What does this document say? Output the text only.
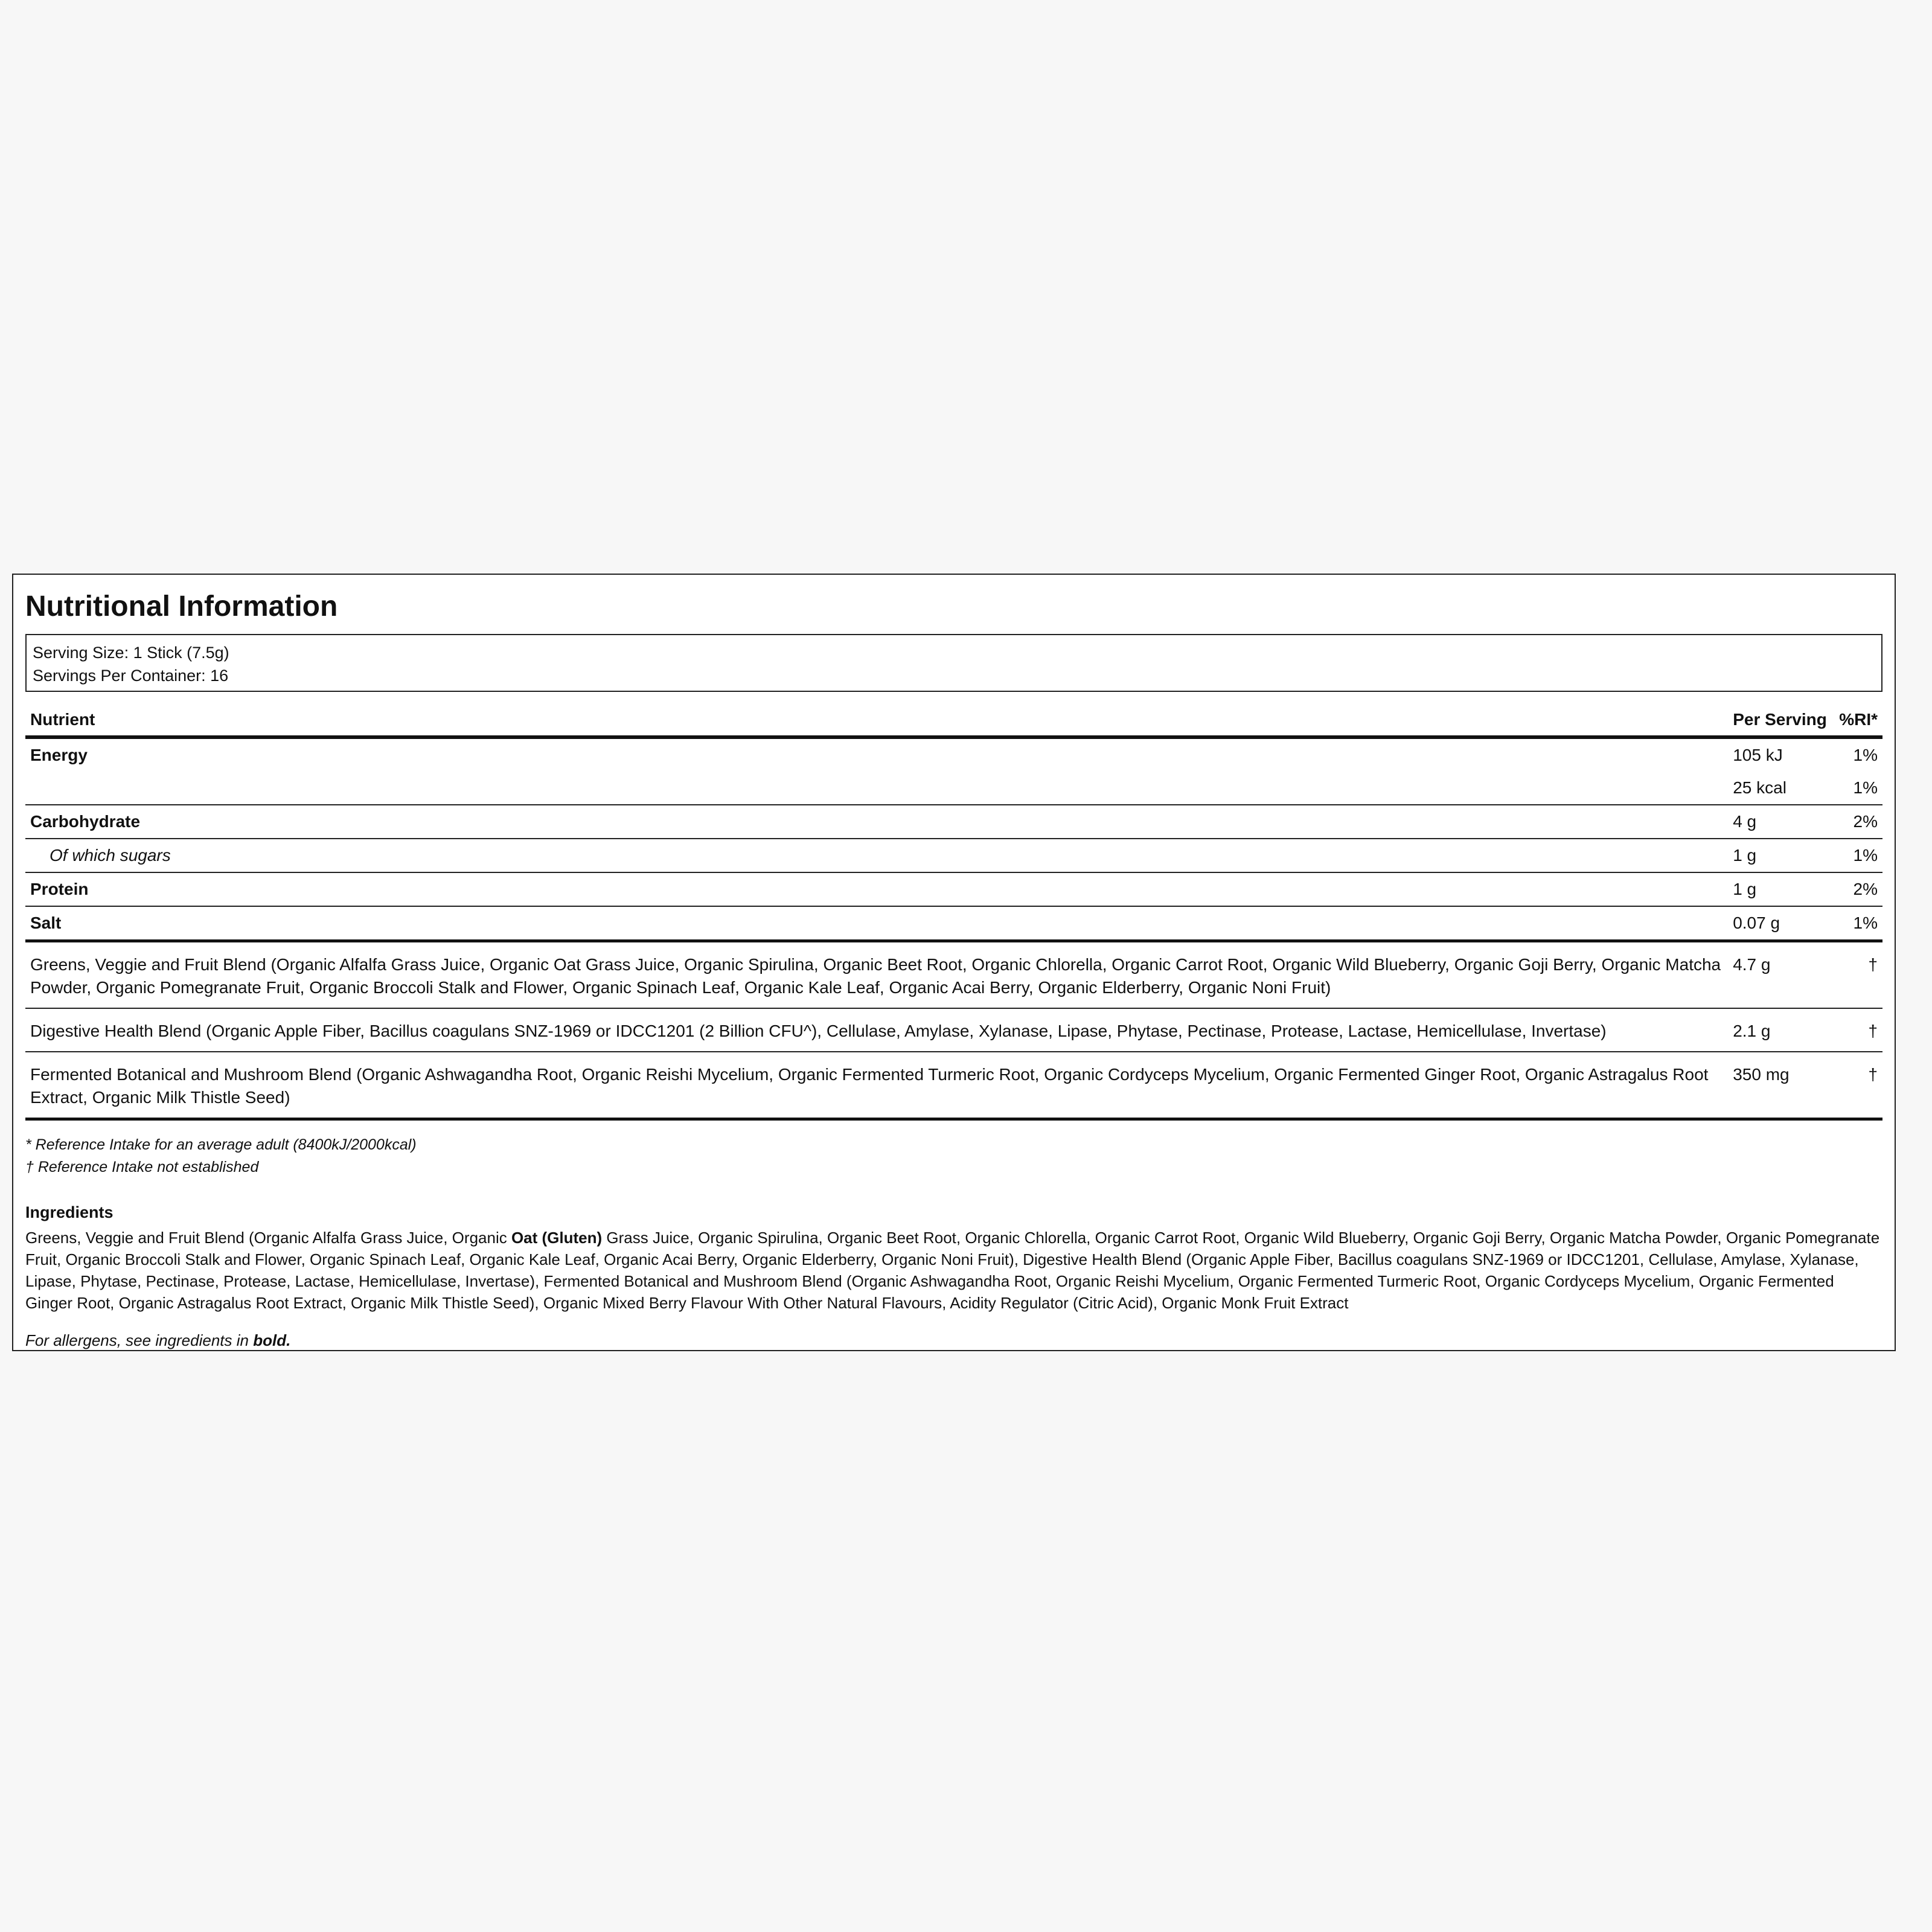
Nutritional Information
Serving Size: 1 Stick (7.5g)
Servings Per Container: 16
Nutrient	Per Serving	%RI*
Energy	105 kJ	1%
	25 kcal	1%
Carbohydrate	4 g	2%
Of which sugars	1 g	1%
Protein	1 g	2%
Salt	0.07 g	1%
Greens, Veggie and Fruit Blend (Organic Alfalfa Grass Juice, Organic Oat Grass Juice, Organic Spirulina, Organic Beet Root, Organic Chlorella, Organic Carrot Root, Organic Wild Blueberry, Organic Goji Berry, Organic Matcha Powder, Organic Pomegranate Fruit, Organic Broccoli Stalk and Flower, Organic Spinach Leaf, Organic Kale Leaf, Organic Acai Berry, Organic Elderberry, Organic Noni Fruit)	4.7 g	†
Digestive Health Blend (Organic Apple Fiber, Bacillus coagulans SNZ-1969 or IDCC1201 (2 Billion CFU^), Cellulase, Amylase, Xylanase, Lipase, Phytase, Pectinase, Protease, Lactase, Hemicellulase, Invertase)	2.1 g	†
Fermented Botanical and Mushroom Blend (Organic Ashwagandha Root, Organic Reishi Mycelium, Organic Fermented Turmeric Root, Organic Cordyceps Mycelium, Organic Fermented Ginger Root, Organic Astragalus Root Extract, Organic Milk Thistle Seed)	350 mg	†
* Reference Intake for an average adult (8400kJ/2000kcal)
† Reference Intake not established
Ingredients
Greens, Veggie and Fruit Blend (Organic Alfalfa Grass Juice, Organic Oat (Gluten) Grass Juice, Organic Spirulina, Organic Beet Root, Organic Chlorella, Organic Carrot Root, Organic Wild Blueberry, Organic Goji Berry, Organic Matcha Powder, Organic Pomegranate Fruit, Organic Broccoli Stalk and Flower, Organic Spinach Leaf, Organic Kale Leaf, Organic Acai Berry, Organic Elderberry, Organic Noni Fruit), Digestive Health Blend (Organic Apple Fiber, Bacillus coagulans SNZ-1969 or IDCC1201, Cellulase, Amylase, Xylanase, Lipase, Phytase, Pectinase, Protease, Lactase, Hemicellulase, Invertase), Fermented Botanical and Mushroom Blend (Organic Ashwagandha Root, Organic Reishi Mycelium, Organic Fermented Turmeric Root, Organic Cordyceps Mycelium, Organic Fermented Ginger Root, Organic Astragalus Root Extract, Organic Milk Thistle Seed), Organic Mixed Berry Flavour With Other Natural Flavours, Acidity Regulator (Citric Acid), Organic Monk Fruit Extract
For allergens, see ingredients in bold.
